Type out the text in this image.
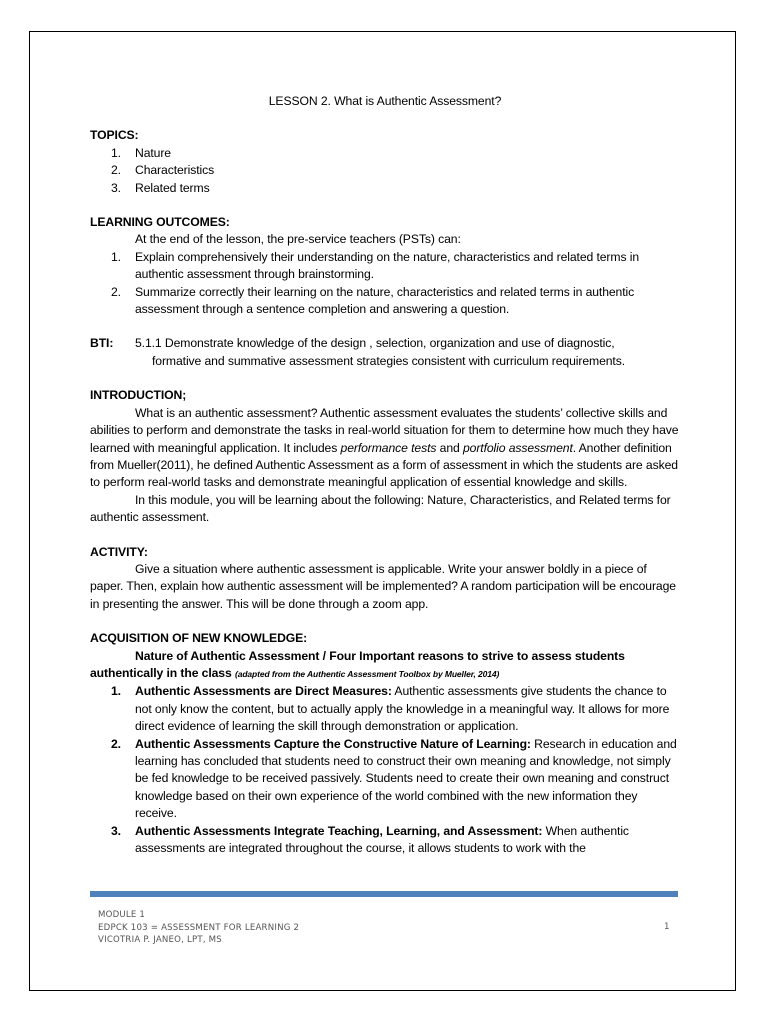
LESSON 2. What is Authentic Assessment?
TOPICS:
1.	Nature
2.	Characteristics
3.	Related terms
LEARNING OUTCOMES:
At the end of the lesson, the pre-service teachers (PSTs) can:
1.	Explain comprehensively their understanding on the nature, characteristics and related terms in authentic assessment through brainstorming.
2.	Summarize correctly their learning on the nature, characteristics and related terms in authentic assessment through a sentence completion and answering a question.
BTI:	5.1.1 Demonstrate knowledge of the design , selection, organization and use of diagnostic,
formative and summative assessment strategies consistent with curriculum requirements.
INTRODUCTION;
What is an authentic assessment? Authentic assessment evaluates the students’ collective skills and abilities to perform and demonstrate the tasks in real-world situation for them to determine how much they have learned with meaningful application. It includes performance tests and portfolio assessment. Another definition from Mueller(2011), he defined Authentic Assessment as a form of assessment in which the students are asked to perform real-world tasks and demonstrate meaningful application of essential knowledge and skills.
In this module, you will be learning about the following: Nature, Characteristics, and Related terms for authentic assessment.
ACTIVITY:
Give a situation where authentic assessment is applicable. Write your answer boldly in a piece of paper. Then, explain how authentic assessment will be implemented? A random participation will be encourage in presenting the answer. This will be done through a zoom app.
ACQUISITION OF NEW KNOWLEDGE:
Nature of Authentic Assessment / Four Important reasons to strive to assess students authentically in the class (adapted from the Authentic Assessment Toolbox by Mueller, 2014)
1.	Authentic Assessments are Direct Measures: Authentic assessments give students the chance to not only know the content, but to actually apply the knowledge in a meaningful way. It allows for more direct evidence of learning the skill through demonstration or application.
2.	Authentic Assessments Capture the Constructive Nature of Learning: Research in education and learning has concluded that students need to construct their own meaning and knowledge, not simply be fed knowledge to be received passively. Students need to create their own meaning and construct knowledge based on their own experience of the world combined with the new information they receive.
3.	Authentic Assessments Integrate Teaching, Learning, and Assessment: When authentic assessments are integrated throughout the course, it allows students to work with the
MODULE 1
EDPCK 103 = ASSESSMENT FOR LEARNING 2
VICOTRIA P. JANEO, LPT, MS
1
